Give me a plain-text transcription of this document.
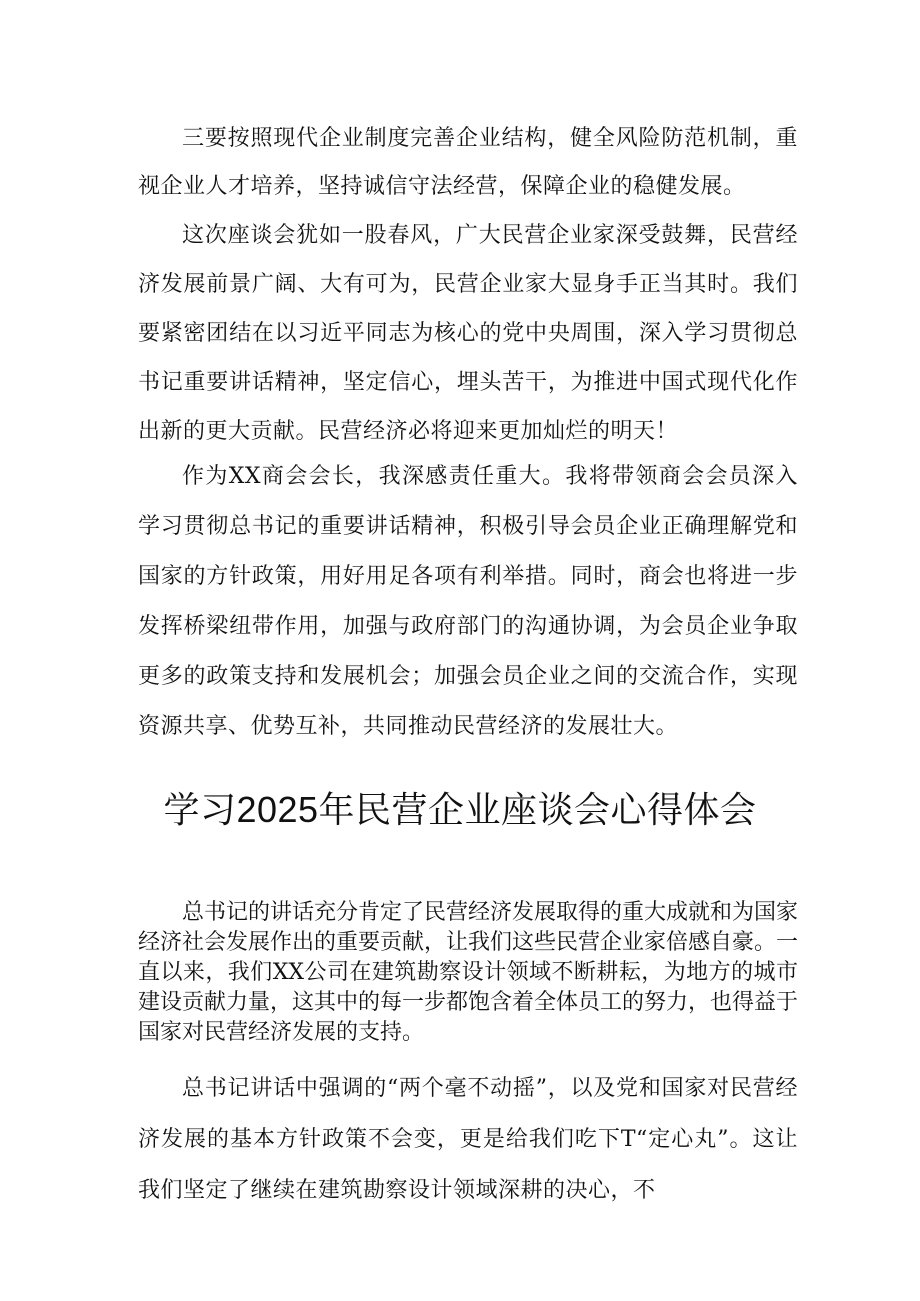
三要按照现代企业制度完善企业结构，健全风险防范机制，重视企业人才培养，坚持诚信守法经营，保障企业的稳健发展。

这次座谈会犹如一股春风，广大民营企业家深受鼓舞，民营经济发展前景广阔、大有可为，民营企业家大显身手正当其时。我们要紧密团结在以习近平同志为核心的党中央周围，深入学习贯彻总书记重要讲话精神，坚定信心，埋头苦干，为推进中国式现代化作出新的更大贡献。民营经济必将迎来更加灿烂的明天！

作为XX商会会长，我深感责任重大。我将带领商会会员深入学习贯彻总书记的重要讲话精神，积极引导会员企业正确理解党和国家的方针政策，用好用足各项有利举措。同时，商会也将进一步发挥桥梁纽带作用，加强与政府部门的沟通协调，为会员企业争取更多的政策支持和发展机会；加强会员企业之间的交流合作，实现资源共享、优势互补，共同推动民营经济的发展壮大。

学习2025年民营企业座谈会心得体会

总书记的讲话充分肯定了民营经济发展取得的重大成就和为国家经济社会发展作出的重要贡献，让我们这些民营企业家倍感自豪。一直以来，我们XX公司在建筑勘察设计领域不断耕耘，为地方的城市建设贡献力量，这其中的每一步都饱含着全体员工的努力，也得益于国家对民营经济发展的支持。

总书记讲话中强调的“两个毫不动摇”，以及党和国家对民营经济发展的基本方针政策不会变，更是给我们吃下T“定心丸”。这让我们坚定了继续在建筑勘察设计领域深耕的决心，不
